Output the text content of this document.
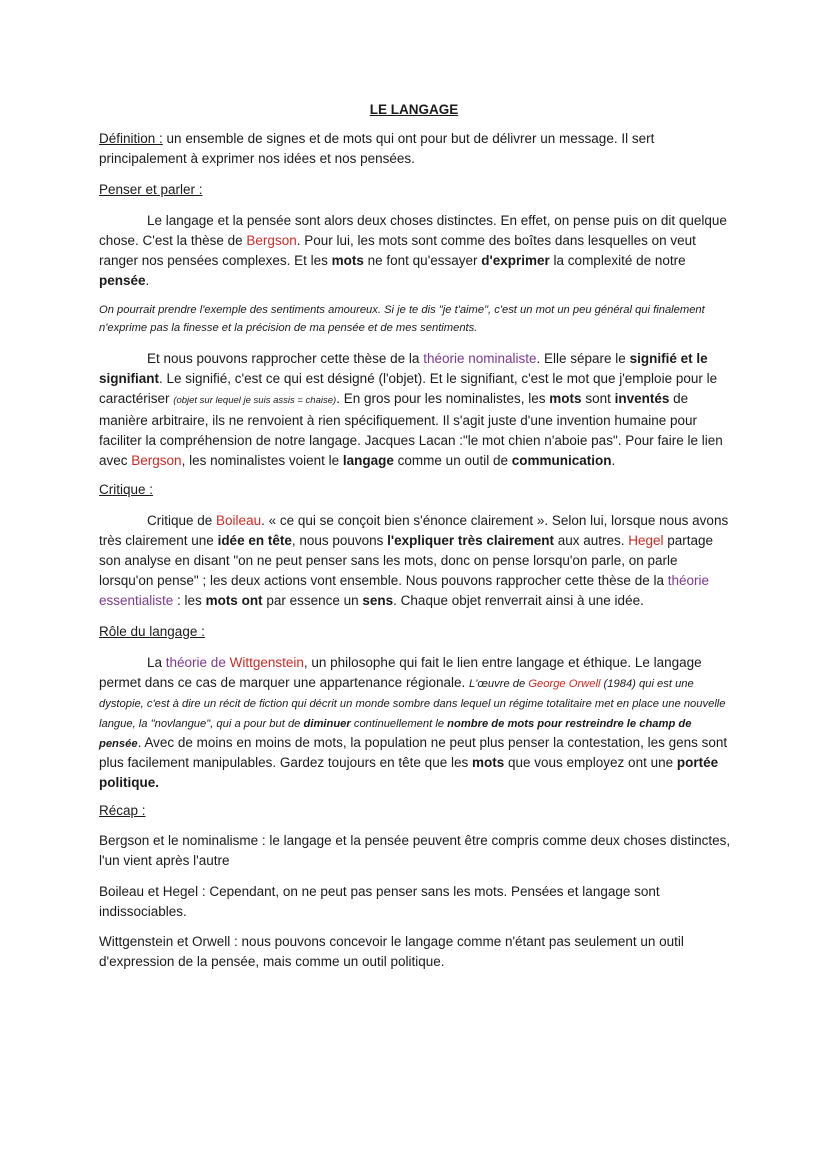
LE LANGAGE

Définition : un ensemble de signes et de mots qui ont pour but de délivrer un message. Il sert principalement à exprimer nos idées et nos pensées.

Penser et parler :

Le langage et la pensée sont alors deux choses distinctes. En effet, on pense puis on dit quelque chose. C'est la thèse de Bergson. Pour lui, les mots sont comme des boîtes dans lesquelles on veut ranger nos pensées complexes. Et les mots ne font qu'essayer d'exprimer la complexité de notre pensée.

On pourrait prendre l'exemple des sentiments amoureux. Si je te dis "je t'aime", c'est un mot un peu général qui finalement n'exprime pas la finesse et la précision de ma pensée et de mes sentiments.

Et nous pouvons rapprocher cette thèse de la théorie nominaliste. Elle sépare le signifié et le signifiant. Le signifié, c'est ce qui est désigné (l'objet). Et le signifiant, c'est le mot que j'emploie pour le caractériser (objet sur lequel je suis assis = chaise). En gros pour les nominalistes, les mots sont inventés de manière arbitraire, ils ne renvoient à rien spécifiquement. Il s'agit juste d'une invention humaine pour faciliter la compréhension de notre langage. Jacques Lacan :"le mot chien n'aboie pas". Pour faire le lien avec Bergson, les nominalistes voient le langage comme un outil de communication.

Critique :

Critique de Boileau. « ce qui se conçoit bien s'énonce clairement ». Selon lui, lorsque nous avons très clairement une idée en tête, nous pouvons l'expliquer très clairement aux autres. Hegel partage son analyse en disant "on ne peut penser sans les mots, donc on pense lorsqu'on parle, on parle lorsqu'on pense" ; les deux actions vont ensemble. Nous pouvons rapprocher cette thèse de la théorie essentialiste : les mots ont par essence un sens. Chaque objet renverrait ainsi à une idée.

Rôle du langage :

La théorie de Wittgenstein, un philosophe qui fait le lien entre langage et éthique. Le langage permet dans ce cas de marquer une appartenance régionale. L'œuvre de George Orwell (1984) qui est une dystopie, c'est à dire un récit de fiction qui décrit un monde sombre dans lequel un régime totalitaire met en place une nouvelle langue, la "novlangue", qui a pour but de diminuer continuellement le nombre de mots pour restreindre le champ de pensée. Avec de moins en moins de mots, la population ne peut plus penser la contestation, les gens sont plus facilement manipulables. Gardez toujours en tête que les mots que vous employez ont une portée politique.

Récap :

Bergson et le nominalisme : le langage et la pensée peuvent être compris comme deux choses distinctes, l'un vient après l'autre

Boileau et Hegel : Cependant, on ne peut pas penser sans les mots. Pensées et langage sont indissociables.

Wittgenstein et Orwell : nous pouvons concevoir le langage comme n'étant pas seulement un outil d'expression de la pensée, mais comme un outil politique.
